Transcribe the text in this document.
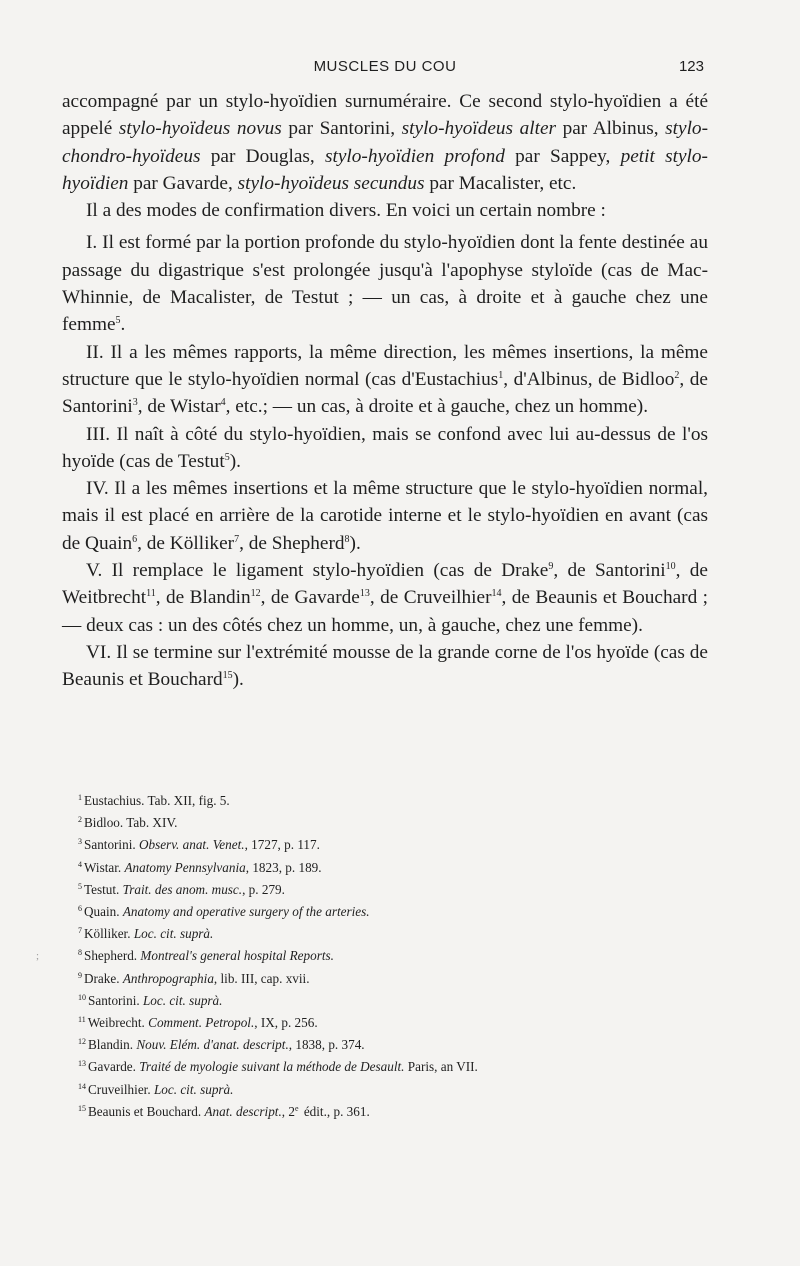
MUSCLES DU COU	123

accompagné par un stylo-hyoïdien surnuméraire. Ce second stylo-hyoïdien a été appelé stylo-hyoïdeus novus par Santorini, stylo-hyoïdeus alter par Albinus, stylo-chondro-hyoïdeus par Douglas, stylo-hyoïdien profond par Sappey, petit stylo-hyoïdien par Gavarde, stylo-hyoïdeus secundus par Macalister, etc.

Il a des modes de confirmation divers. En voici un certain nombre :

I. Il est formé par la portion profonde du stylo-hyoïdien dont la fente destinée au passage du digastrique s'est prolongée jusqu'à l'apophyse styloïde (cas de Mac-Whinnie, de Macalister, de Testut ; — un cas, à droite et à gauche chez une femme$^5$.

II. Il a les mêmes rapports, la même direction, les mêmes insertions, la même structure que le stylo-hyoïdien normal (cas d'Eustachius$^1$, d'Albinus, de Bidloo$^2$, de Santorini$^3$, de Wistar$^4$, etc.; — un cas, à droite et à gauche, chez un homme).

III. Il naît à côté du stylo-hyoïdien, mais se confond avec lui au-dessus de l'os hyoïde (cas de Testut$^5$).

IV. Il a les mêmes insertions et la même structure que le stylo-hyoïdien normal, mais il est placé en arrière de la carotide interne et le stylo-hyoïdien en avant (cas de Quain$^6$, de Kölliker$^7$, de Shepherd$^8$).

V. Il remplace le ligament stylo-hyoïdien (cas de Drake$^9$, de Santorini$^{10}$, de Weitbrecht$^{11}$, de Blandin$^{12}$, de Gavarde$^{13}$, de Cruveilhier$^{14}$, de Beaunis et Bouchard ; — deux cas : un des côtés chez un homme, un, à gauche, chez une femme).

VI. Il se termine sur l'extrémité mousse de la grande corne de l'os hyoïde (cas de Beaunis et Bouchard$^{15}$).

$^1$ Eustachius. Tab. XII, fig. 5.
$^2$ Bidloo. Tab. XIV.
$^3$ Santorini. Observ. anat. Venet., 1727, p. 117.
$^4$ Wistar. Anatomy Pennsylvania, 1823, p. 189.
$^5$ Testut. Trait. des anom. musc., p. 279.
$^6$ Quain. Anatomy and operative surgery of the arteries.
$^7$ Kölliker. Loc. cit. suprà.
$^8$ Shepherd. Montreal's general hospital Reports.
$^9$ Drake. Anthropographia, lib. III, cap. xvii.
$^{10}$ Santorini. Loc. cit. suprà.
$^{11}$ Weibrecht. Comment. Petropol., IX, p. 256.
$^{12}$ Blandin. Nouv. Elém. d'anat. descript., 1838, p. 374.
$^{13}$ Gavarde. Traité de myologie suivant la méthode de Desault. Paris, an VII.
$^{14}$ Cruveilhier. Loc. cit. suprà.
$^{15}$ Beaunis et Bouchard. Anat. descript., 2e édit., p. 361.
;
